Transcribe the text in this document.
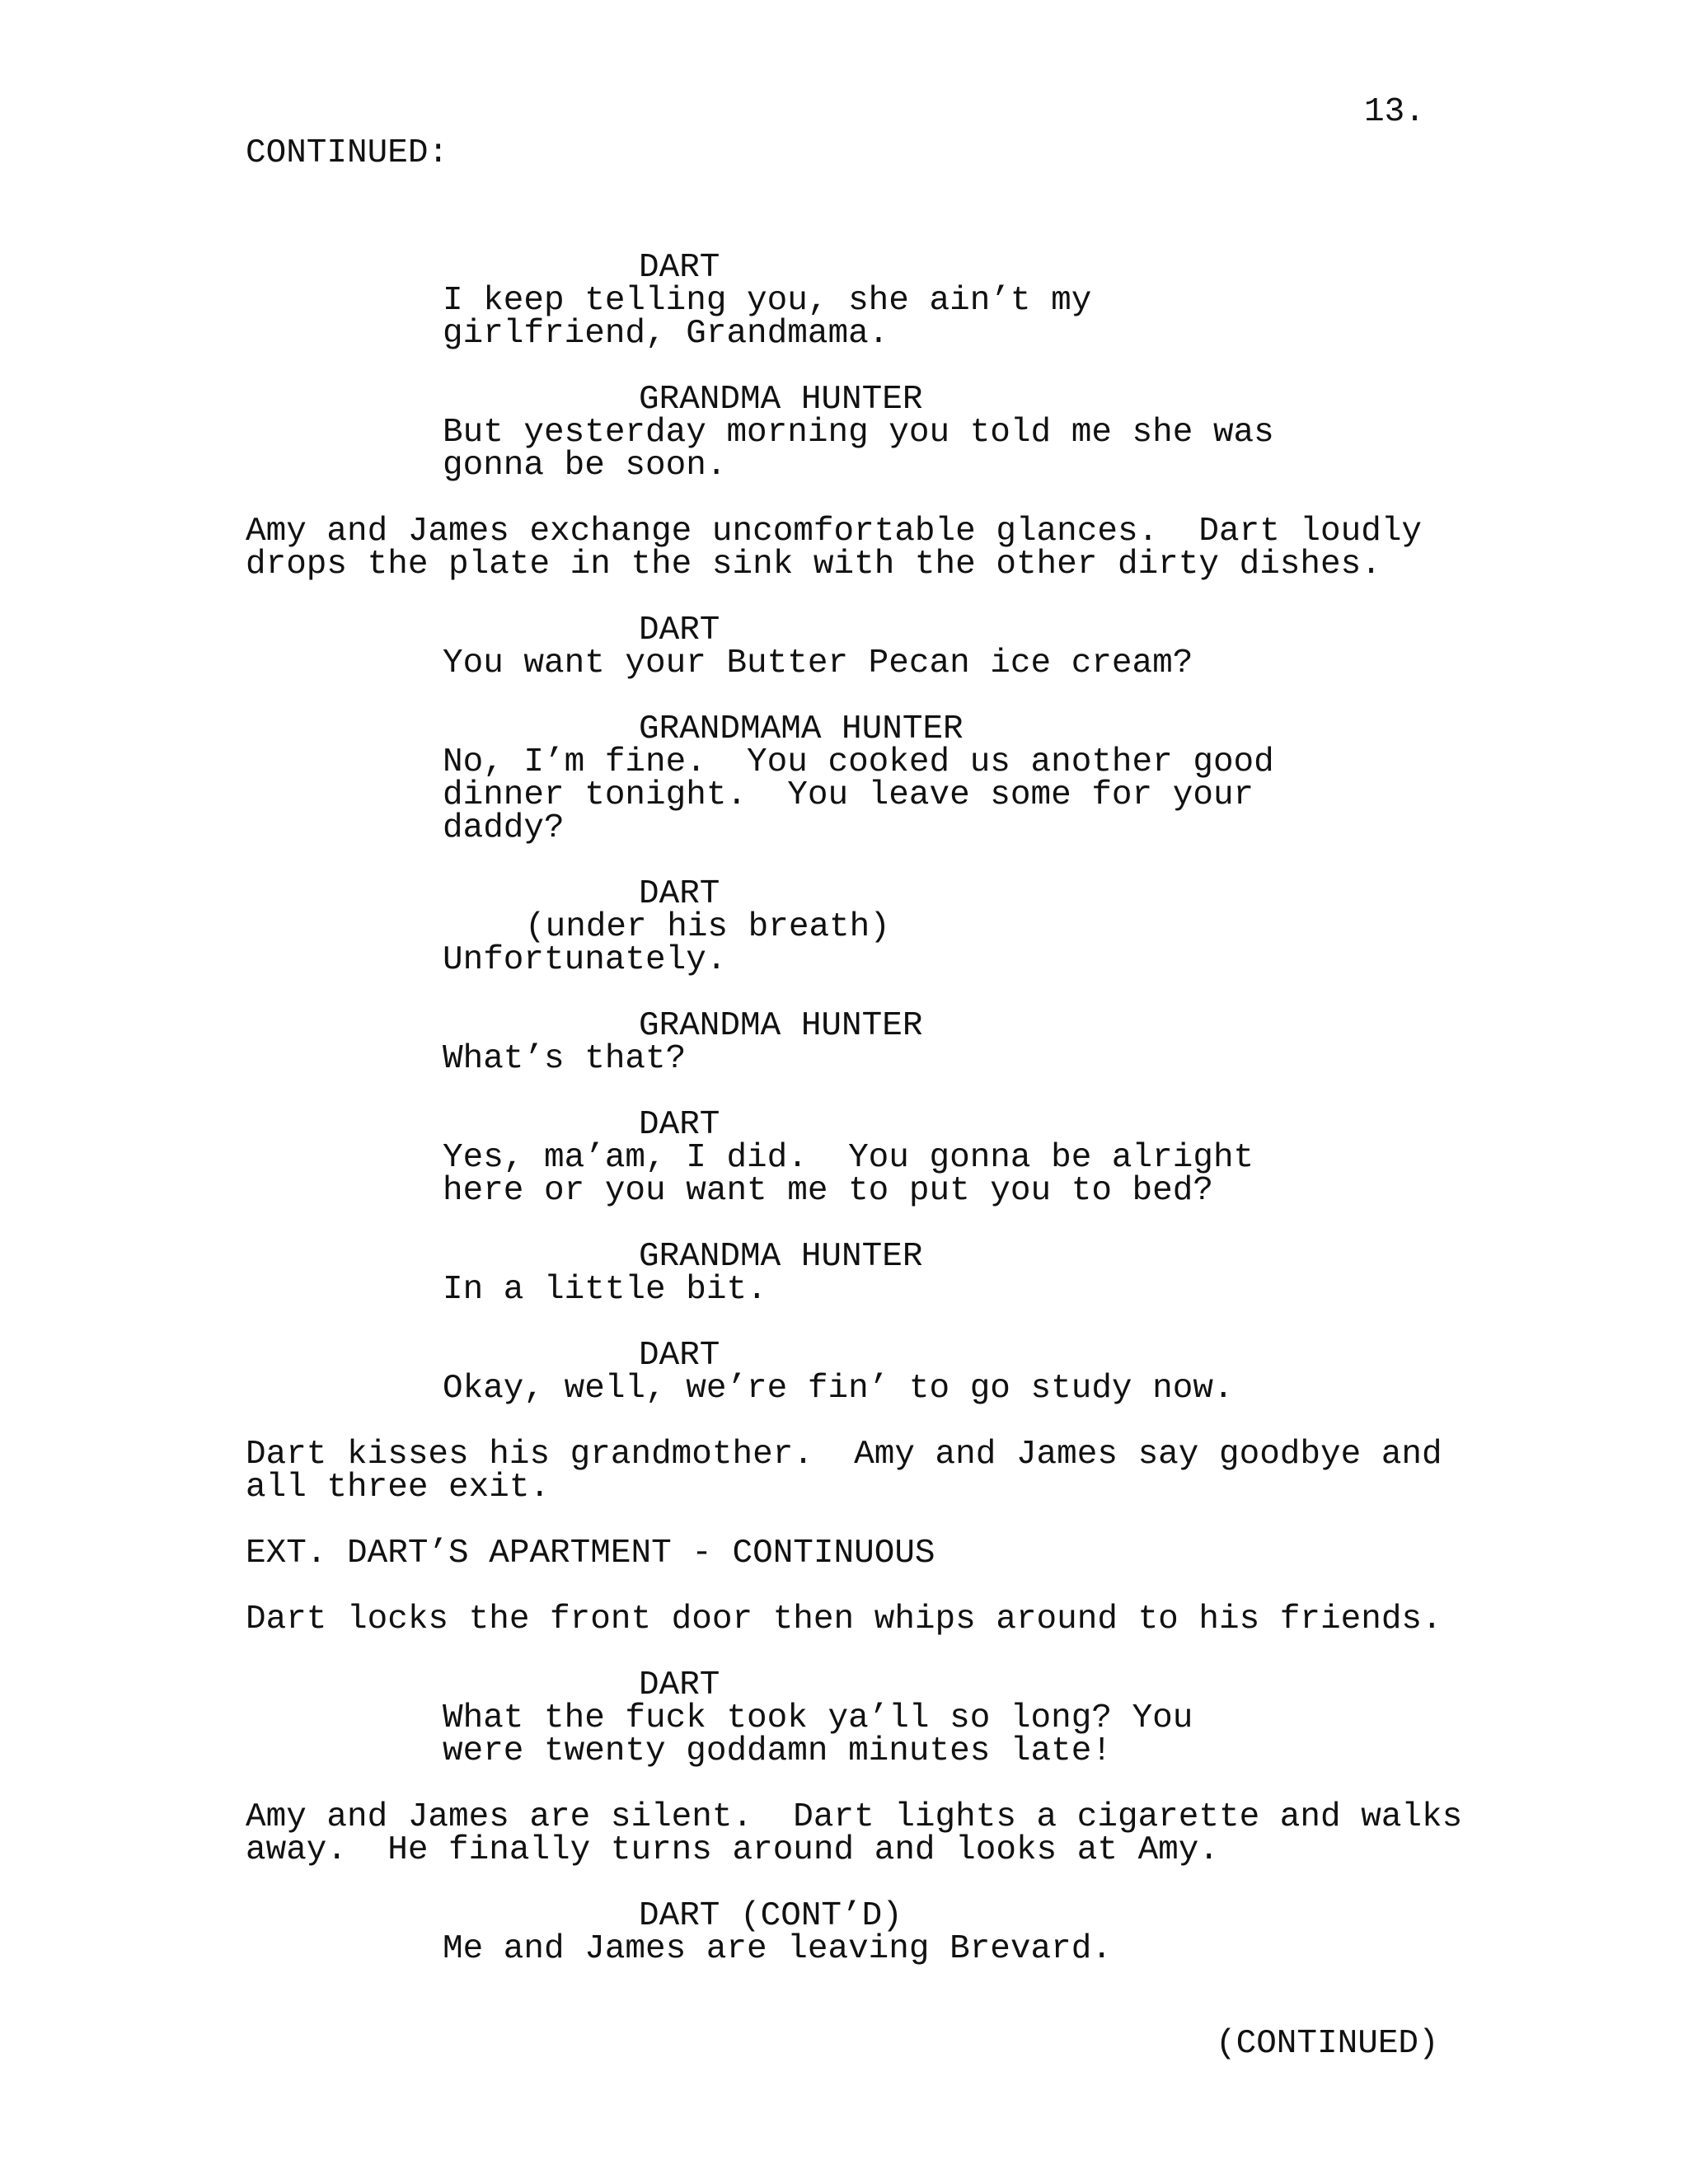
13.
CONTINUED:
DART
I keep telling you, she ain’t my
girlfriend, Grandmama.
GRANDMA HUNTER
But yesterday morning you told me she was
gonna be soon.
Amy and James exchange uncomfortable glances.  Dart loudly
drops the plate in the sink with the other dirty dishes.
DART
You want your Butter Pecan ice cream?
GRANDMAMA HUNTER
No, I’m fine.  You cooked us another good
dinner tonight.  You leave some for your
daddy?
DART
(under his breath)
Unfortunately.
GRANDMA HUNTER
What’s that?
DART
Yes, ma’am, I did.  You gonna be alright
here or you want me to put you to bed?
GRANDMA HUNTER
In a little bit.
DART
Okay, well, we’re fin’ to go study now.
Dart kisses his grandmother.  Amy and James say goodbye and
all three exit.
EXT. DART’S APARTMENT - CONTINUOUS
Dart locks the front door then whips around to his friends.
DART
What the fuck took ya’ll so long? You
were twenty goddamn minutes late!
Amy and James are silent.  Dart lights a cigarette and walks
away.  He finally turns around and looks at Amy.
DART (CONT’D)
Me and James are leaving Brevard.
(CONTINUED)
